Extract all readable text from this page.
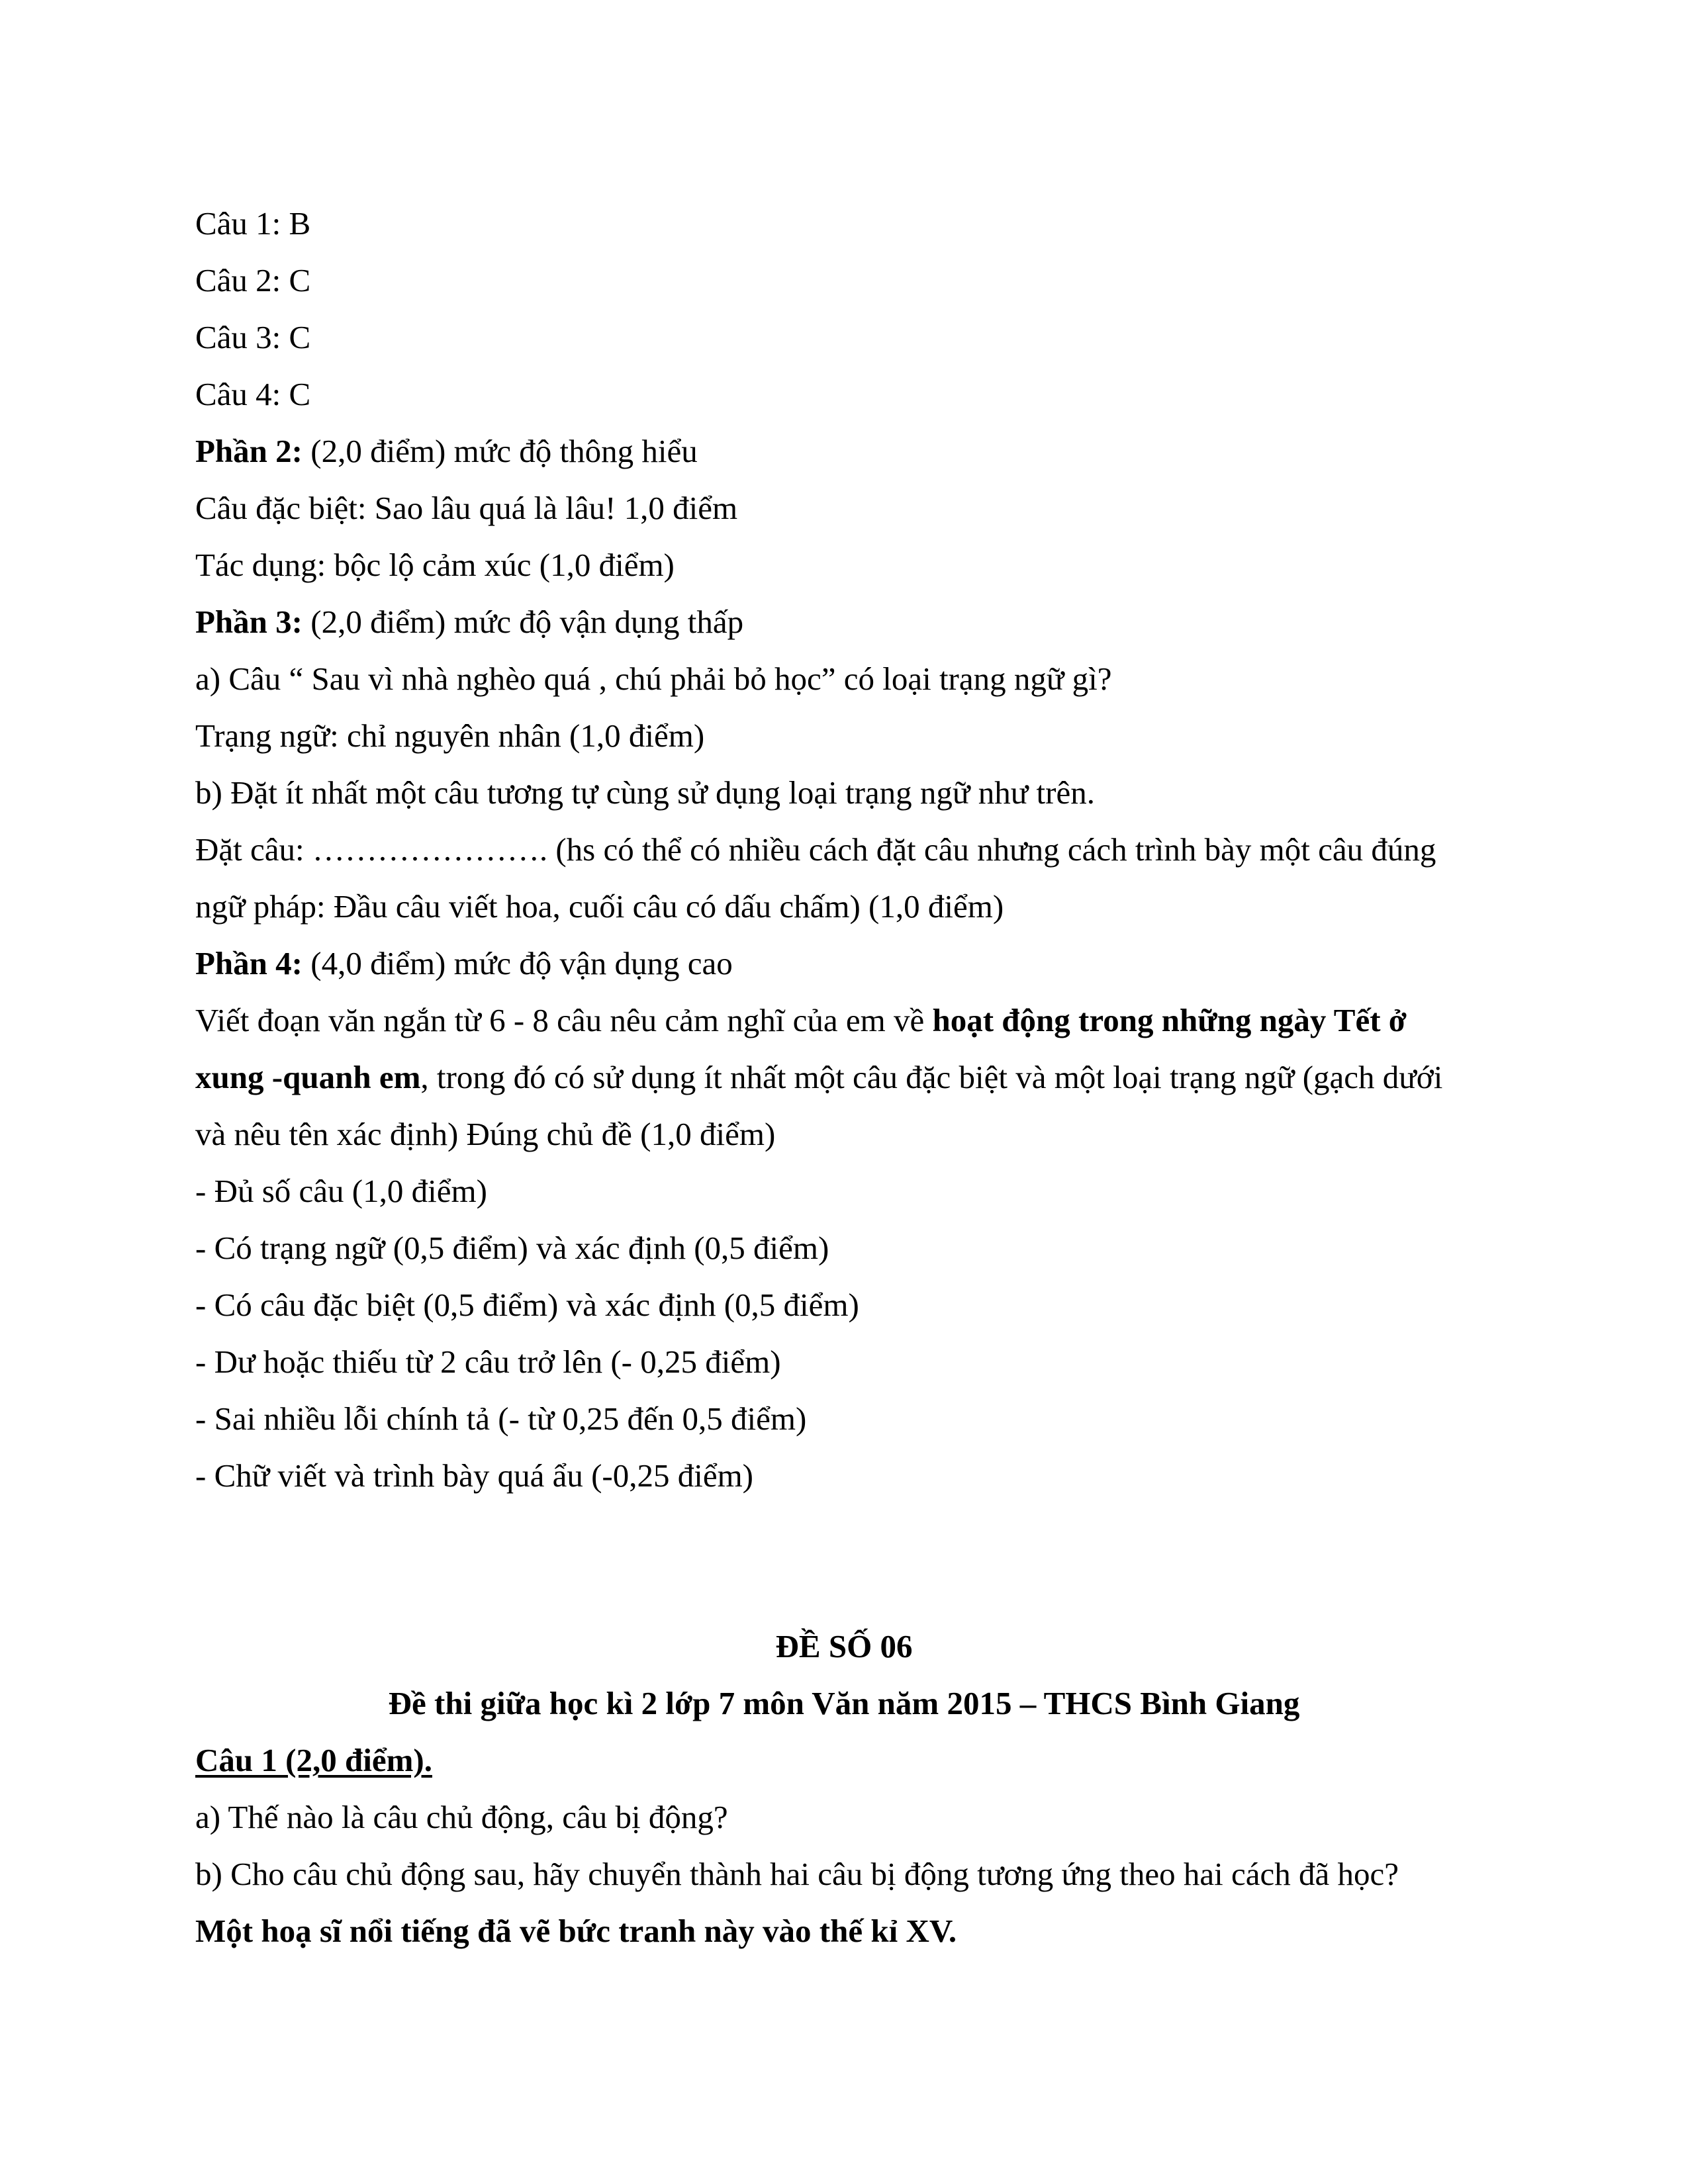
Câu 1: B
Câu 2: C
Câu 3: C
Câu 4: C
Phần 2: (2,0 điểm) mức độ thông hiểu
Câu đặc biệt: Sao lâu quá là lâu! 1,0 điểm
Tác dụng: bộc lộ cảm xúc (1,0 điểm)
Phần 3: (2,0 điểm) mức độ vận dụng thấp
a) Câu “ Sau vì nhà nghèo quá , chú phải bỏ học” có loại trạng ngữ gì?
Trạng ngữ: chỉ nguyên nhân (1,0 điểm)
b) Đặt ít nhất một câu tương tự cùng sử dụng loại trạng ngữ như trên.
Đặt câu: …………………. (hs có thể có nhiều cách đặt câu nhưng cách trình bày một câu đúng
ngữ pháp: Đầu câu viết hoa, cuối câu có dấu chấm) (1,0 điểm)
Phần 4: (4,0 điểm) mức độ vận dụng cao
Viết đoạn văn ngắn từ 6 - 8 câu nêu cảm nghĩ của em về hoạt động trong những ngày Tết ở
xung -quanh em, trong đó có sử dụng ít nhất một câu đặc biệt và một loại trạng ngữ (gạch dưới
và nêu tên xác định) Đúng chủ đề (1,0 điểm)
- Đủ số câu (1,0 điểm)
- Có trạng ngữ (0,5 điểm) và xác định (0,5 điểm)
- Có câu đặc biệt (0,5 điểm) và xác định (0,5 điểm)
- Dư hoặc thiếu từ 2 câu trở lên (- 0,25 điểm)
- Sai nhiều lỗi chính tả (- từ 0,25 đến 0,5 điểm)
- Chữ viết và trình bày quá ẩu (-0,25 điểm)
ĐỀ SỐ 06
Đề thi giữa học kì 2 lớp 7 môn Văn năm 2015 – THCS Bình Giang
Câu 1 (2,0 điểm).
a) Thế nào là câu chủ động, câu bị động?
b) Cho câu chủ động sau, hãy chuyển thành hai câu bị động tương ứng theo hai cách đã học?
Một hoạ sĩ nổi tiếng đã vẽ bức tranh này vào thế kỉ XV.
